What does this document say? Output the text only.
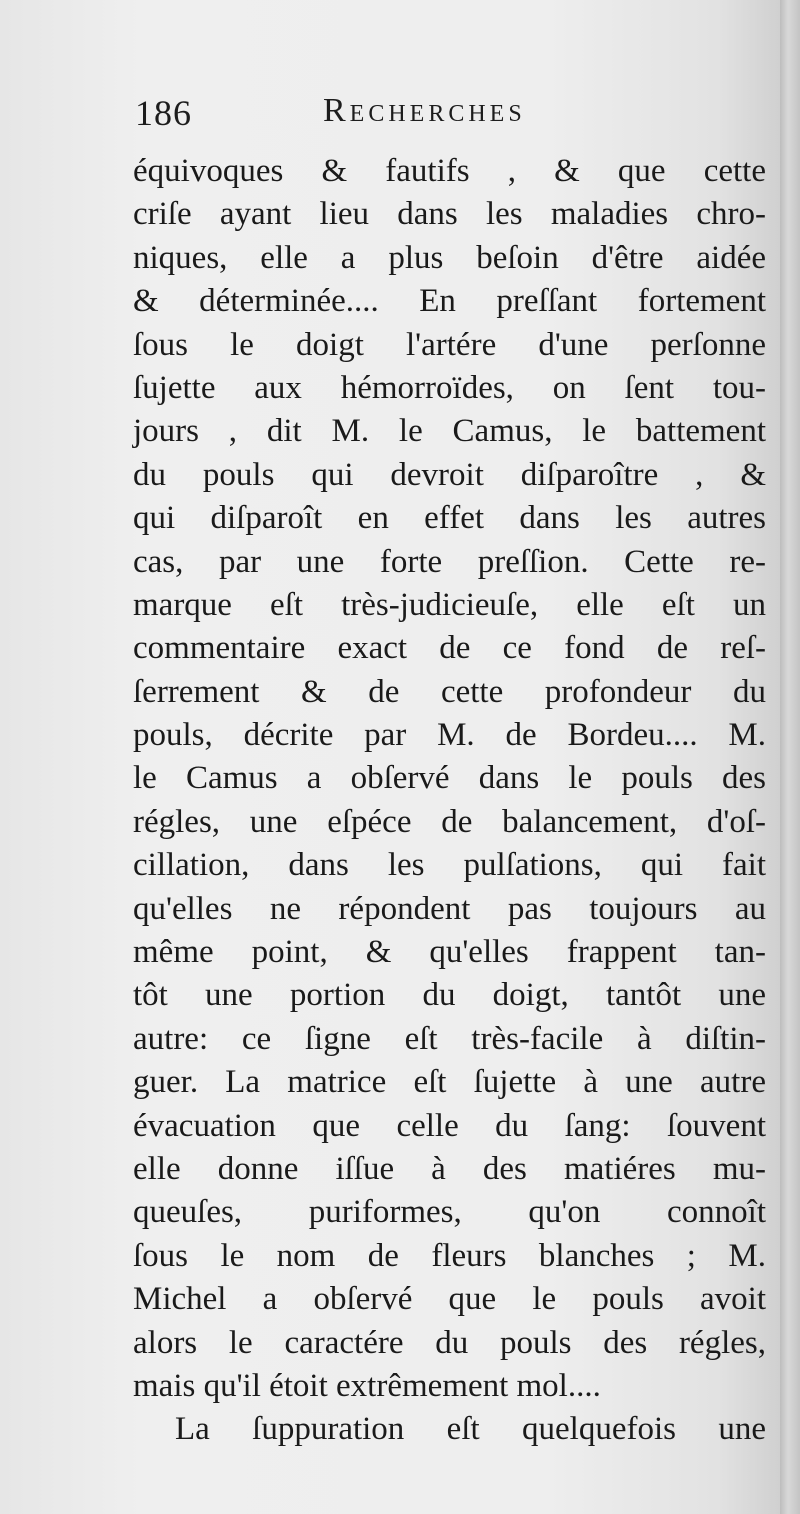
186	Recherches
équivoques & fautifs , & que cette
criſe ayant lieu dans les maladies chro-
niques, elle a plus beſoin d'être aidée
& déterminée.... En preſſant fortement
ſous le doigt l'artére d'une perſonne
ſujette aux hémorroïdes, on ſent tou-
jours , dit M. le Camus, le battement
du pouls qui devroit diſparoître , &
qui diſparoît en effet dans les autres
cas, par une forte preſſion. Cette re-
marque eſt très-judicieuſe, elle eſt un
commentaire exact de ce fond de reſ-
ſerrement & de cette profondeur du
pouls, décrite par M. de Bordeu.... M.
le Camus a obſervé dans le pouls des
régles, une eſpéce de balancement, d'oſ-
cillation, dans les pulſations, qui fait
qu'elles ne répondent pas toujours au
même point, & qu'elles frappent tan-
tôt une portion du doigt, tantôt une
autre: ce ſigne eſt très-facile à diſtin-
guer. La matrice eſt ſujette à une autre
évacuation que celle du ſang: ſouvent
elle donne iſſue à des matiéres mu-
queuſes, puriformes, qu'on connoît
ſous le nom de fleurs blanches ; M.
Michel a obſervé que le pouls avoit
alors le caractére du pouls des régles,
mais qu'il étoit extrêmement mol....
La ſuppuration eſt quelquefois une
